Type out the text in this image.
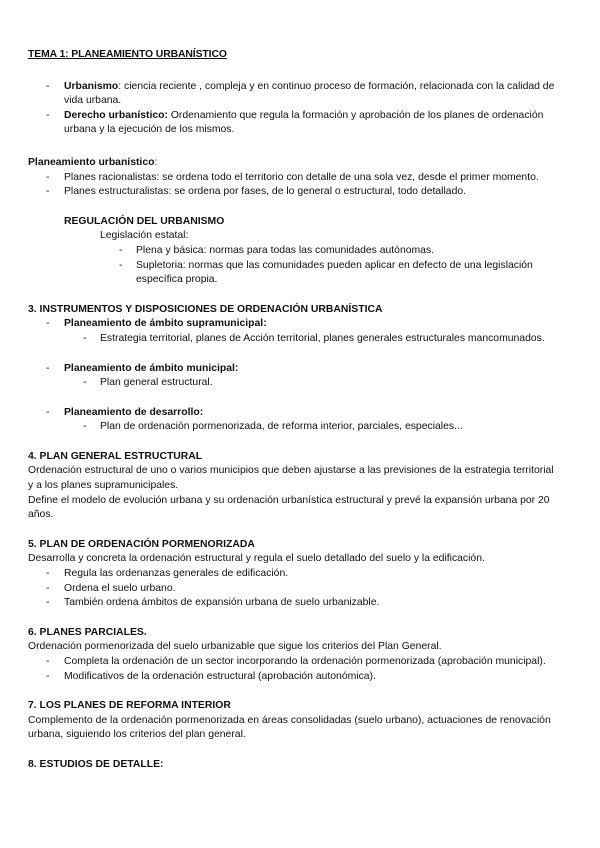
TEMA 1: PLANEAMIENTO URBANÍSTICO
- Urbanismo: ciencia reciente , compleja y en continuo proceso de formación, relacionada con la calidad de vida urbana.
- Derecho urbanístico: Ordenamiento que regula la formación y aprobación de los planes de ordenación urbana y la ejecución de los mismos.

Planeamiento urbanístico:

- Planes racionalistas: se ordena todo el territorio con detalle de una sola vez, desde el primer momento.
- Planes estructuralistas: se ordena por fases, de lo general o estructural, todo detallado.

REGULACIÓN DEL URBANISMO

Legislación estatal:

- Plena y básica: normas para todas las comunidades autónomas.
- Supletoria: normas que las comunidades pueden aplicar en defecto de una legislación específica propia.

3. INSTRUMENTOS Y DISPOSICIONES DE ORDENACIÓN URBANÍSTICA

- Planeamiento de ámbito supramunicipal:
- Estrategia territorial, planes de Acción territorial, planes generales estructurales mancomunados.
- Planeamiento de ámbito municipal:
- Plan general estructural.
- Planeamiento de desarrollo:
- Plan de ordenación pormenorizada, de reforma interior, parciales, especiales...

4. PLAN GENERAL ESTRUCTURAL

Ordenación estructural de uno o varios municipios que deben ajustarse a las previsiones de la estrategia territorial y a los planes supramunicipales.

Define el modelo de evolución urbana y su ordenación urbanística estructural y prevé la expansión urbana por 20 años.

5. PLAN DE ORDENACIÓN PORMENORIZADA

Desarrolla y concreta la ordenación estructural y regula el suelo detallado del suelo y la edificación.

- Regula las ordenanzas generales de edificación.
- Ordena el suelo urbano.
- También ordena ámbitos de expansión urbana de suelo urbanizable.

6. PLANES PARCIALES.

Ordenación pormenorizada del suelo urbanizable que sigue los criterios del Plan General.

- Completa la ordenación de un sector incorporando la ordenación pormenorizada (aprobación municipal).
- Modificativos de la ordenación estructural (aprobación autonómica).

7. LOS PLANES DE REFORMA INTERIOR

Complemento de la ordenación pormenorizada en áreas consolidadas (suelo urbano), actuaciones de renovación urbana, siguiendo los criterios del plan general.

8. ESTUDIOS DE DETALLE:
